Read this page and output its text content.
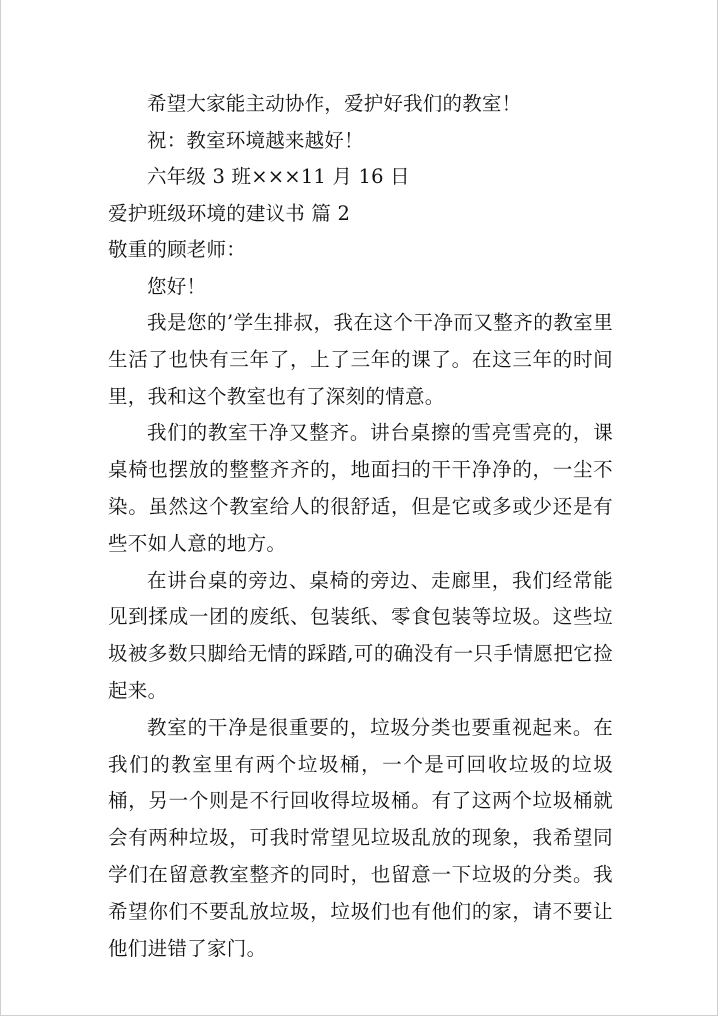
希望大家能主动协作，爱护好我们的教室！
祝：教室环境越来越好！
六年级 3 班×××11 月 16 日
爱护班级环境的建议书 篇 2
敬重的顾老师：
您好！

我是您的’学生排叔，我在这个干净而又整齐的教室里生活了也快有三年了，上了三年的课了。在这三年的时间里，我和这个教室也有了深刻的情意。

我们的教室干净又整齐。讲台桌擦的雪亮雪亮的，课桌椅也摆放的整整齐齐的，地面扫的干干净净的，一尘不染。虽然这个教室给人的很舒适，但是它或多或少还是有些不如人意的地方。

在讲台桌的旁边、桌椅的旁边、走廊里，我们经常能见到揉成一团的废纸、包装纸、零食包装等垃圾。这些垃圾被多数只脚给无情的踩踏,可的确没有一只手情愿把它捡起来。

教室的干净是很重要的，垃圾分类也要重视起来。在我们的教室里有两个垃圾桶，一个是可回收垃圾的垃圾桶，另一个则是不行回收得垃圾桶。有了这两个垃圾桶就会有两种垃圾，可我时常望见垃圾乱放的现象，我希望同学们在留意教室整齐的同时，也留意一下垃圾的分类。我希望你们不要乱放垃圾，垃圾们也有他们的家，请不要让他们进错了家门。
